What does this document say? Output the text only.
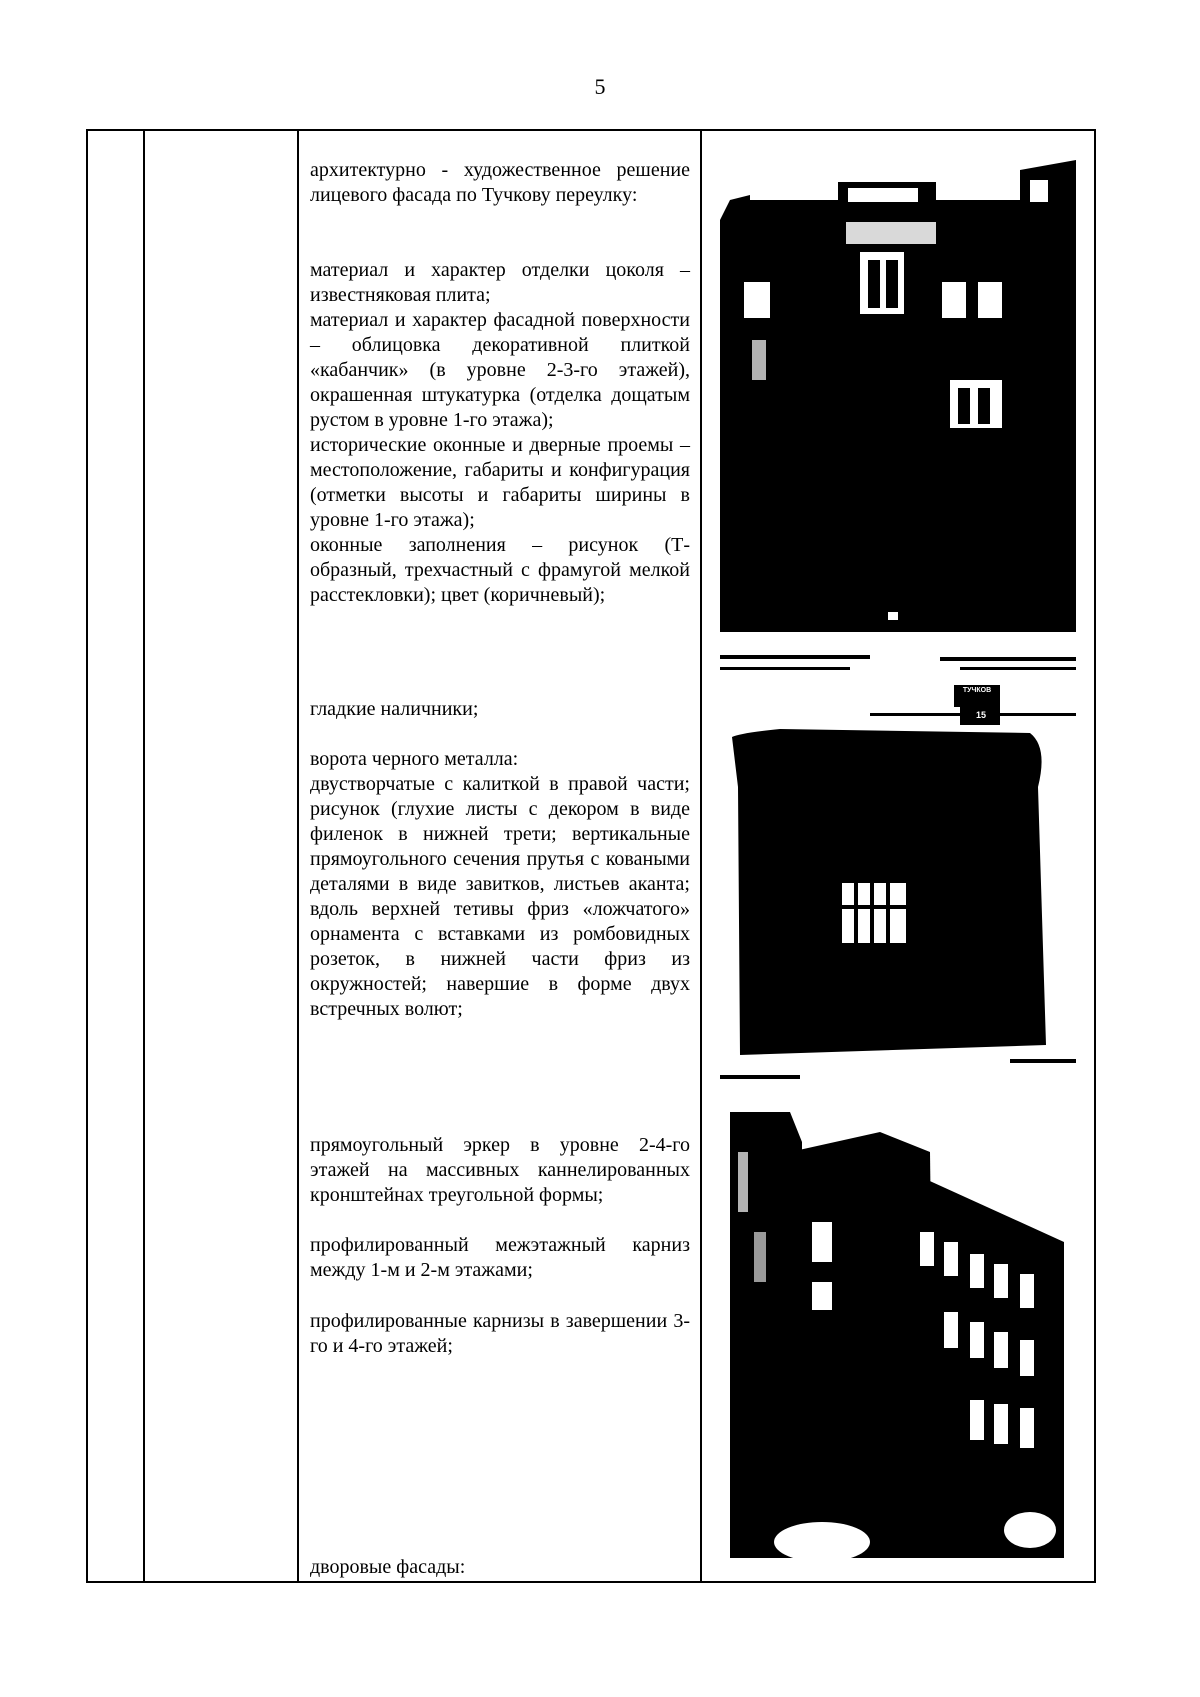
5

архитектурно - художественное решение лицевого фасада по Тучкову переулку:

материал и характер отделки цоколя – известняковая плита;

материал и характер фасадной поверхности – облицовка декоративной плиткой «кабанчик» (в уровне 2-3-го этажей), окрашенная штукатурка (отделка дощатым рустом в уровне 1-го этажа);

исторические оконные и дверные проемы – местоположение, габариты и конфигурация (отметки высоты и габариты ширины в уровне 1-го этажа);

оконные заполнения – рисунок (Т-образный, трехчастный с фрамугой мелкой расстекловки); цвет (коричневый);

гладкие наличники;

ворота черного металла:

двустворчатые с калиткой в правой части; рисунок (глухие листы с декором в виде филенок в нижней трети; вертикальные прямоугольного сечения прутья с коваными деталями в виде завитков, листьев аканта; вдоль верхней тетивы фриз «ложчатого» орнамента с вставками из ромбовидных розеток, в нижней части фриз из окружностей; навершие в форме двух встречных волют;

прямоугольный эркер в уровне 2-4-го этажей на массивных каннелированных кронштейнах треугольной формы;

профилированный межэтажный карниз между 1-м и 2-м этажами;

профилированные карнизы в завершении 3-го и 4-го этажей;

дворовые фасады:

ТУЧКОВ
15
